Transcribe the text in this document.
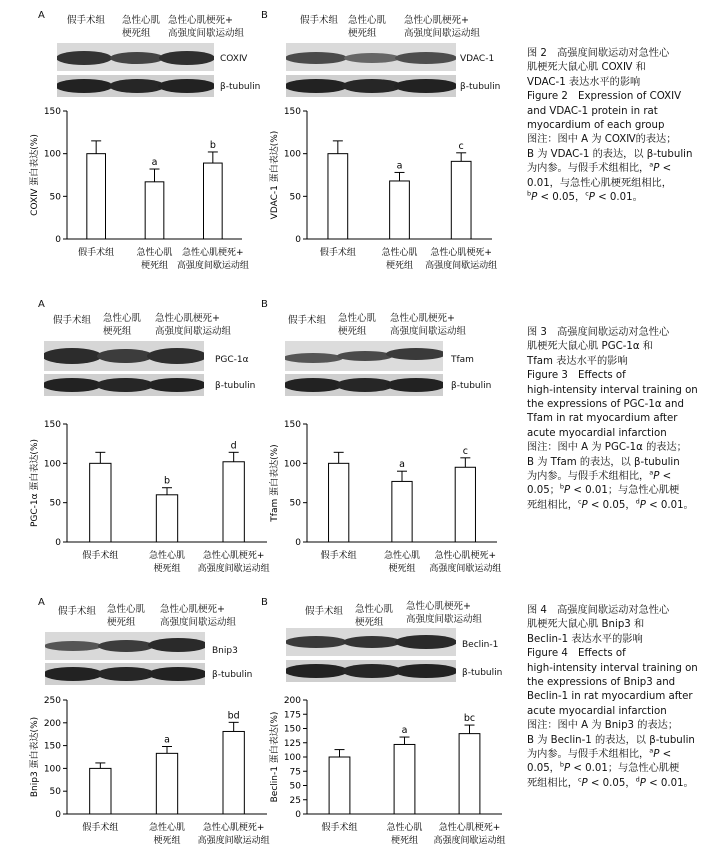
A 假手术组 急性心肌
梗死组
急性心肌梗死+
高强度间歇运动组
COXⅣ
β-tubulin
0
50
100
150
COXⅣ 蛋白表达(%)
假手术组
a
急性心肌
梗死组
b
急性心肌梗死+
高强度间歇运动组
B	假手术组 急性心肌
梗死组
急性心肌梗死+
高强度间歇运动组
VDAC-1
β-tubulin
0
50
100
150
VDAC-1 蛋白表达(%)
假手术组
a
急性心肌
梗死组
c
急性心肌梗死+
高强度间歇运动组
图 2　高强度间歇运动对急性心
肌梗死大鼠心肌 COXⅣ 和
VDAC-1 表达水平的影响
Figure 2　Expression of COXIV
and VDAC-1 protein in rat
myocardium of each group
图注：图中 A 为 COXⅣ的表达；
B 为 VDAC-1 的表达，以 β-tubulin
为内参。与假手术组相比，$^a$P <
0.01，与急性心肌梗死组相比，
$^b$P < 0.05，$^c$P < 0.01。
A
假手术组 急性心肌
梗死组
急性心肌梗死+
高强度间歇运动组
PGC-1α
β-tubulin
0
50
100
150
PGC-1α 蛋白表达(%)
假手术组
b
急性心肌
梗死组
d
急性心肌梗死+
高强度间歇运动组
B
假手术组 急性心肌
梗死组
急性心肌梗死+
高强度间歇运动组
Tfam
β-tubulin
0
50
100
150
Tfam 蛋白表达(%)
假手术组
a
急性心肌
梗死组
c
急性心肌梗死+
高强度间歇运动组
图 3　高强度间歇运动对急性心
肌梗死大鼠心肌 PGC-1α 和
Tfam 表达水平的影响
Figure 3　Effects of
high-intensity interval training on
the expressions of PGC-1α and
Tfam in rat myocardium after
acute myocardial infarction
图注：图中 A 为 PGC-1α 的表达；
B 为 Tfam 的表达，以 β-tubulin
为内参。与假手术组相比，$^a$P <
0.05；$^b$P < 0.01；与急性心肌梗
死组相比，$^c$P < 0.05，$^d$P < 0.01。
A
假手术组 急性心肌
梗死组
急性心肌梗死+
高强度间歇运动组
Bnip3
β-tubulin
0
50
100
150
200
250
Bnip3 蛋白表达(%)
假手术组
a
急性心肌
梗死组
bd
急性心肌梗死+
高强度间歇运动组
B
假手术组 急性心肌
梗死组
急性心肌梗死+
高强度间歇运动组
Beclin-1
β-tubulin
0
25
50
75
100
125
150
175
200
Beclin-1 蛋白表达(%)
假手术组
a
急性心肌
梗死组
bc
急性心肌梗死+
高强度间歇运动组
图 4　高强度间歇运动对急性心
肌梗死大鼠心肌 Bnip3 和
Beclin-1 表达水平的影响
Figure 4　Effects of
high-intensity interval training on
the expressions of Bnip3 and
Beclin-1 in rat myocardium after
acute myocardial infarction
图注：图中 A 为 Bnip3 的表达；
B 为 Beclin-1 的表达，以 β-tubulin
为内参。与假手术组相比，$^a$P <
0.05，$^b$P < 0.01；与急性心肌梗
死组相比，$^c$P < 0.05，$^d$P < 0.01。
